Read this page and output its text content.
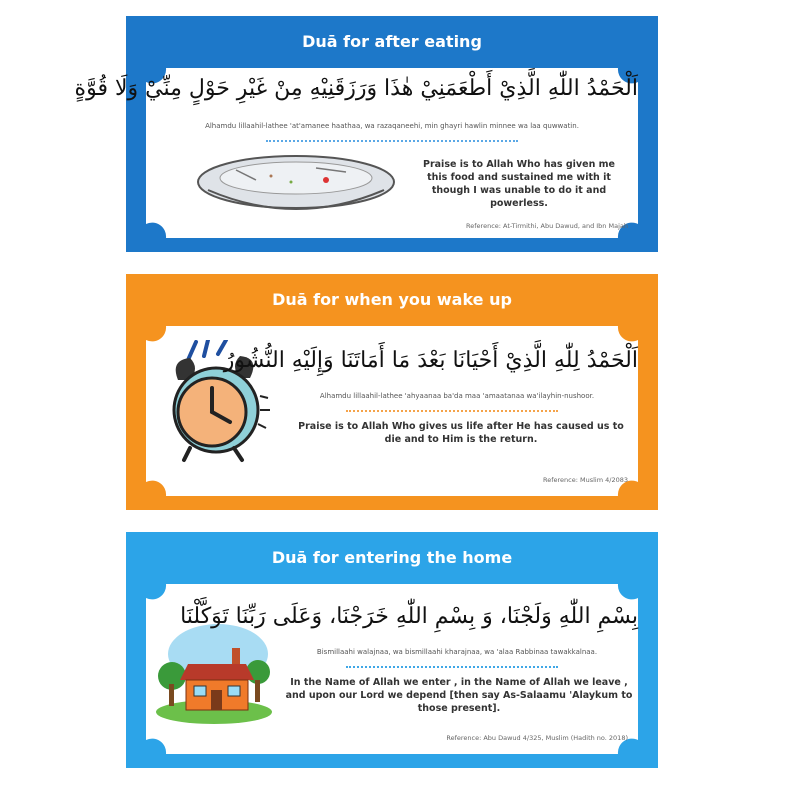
Duā for after eating
اَلْحَمْدُ اللّٰهِ الَّذِيْ أَطْعَمَنِيْ هٰذَا وَرَزَقَنِيْهِ مِنْ غَيْرِ حَوْلٍ مِنِّيْ وَلَا قُوَّةٍ
Alhamdu lillaahil-lathee 'at'amanee haathaa, wa razaqaneehi, min ghayri hawlin minnee wa laa quwwatin.
Praise is to Allah Who has given me this food and sustained me with it though I was unable to do it and powerless.
Reference: At-Tirmithi, Abu Dawud, and Ibn Majah
Duā for when you wake up
اَلْحَمْدُ لِلّٰهِ الَّذِيْ أَحْيَانَا بَعْدَ مَا أَمَاتَنَا وَإِلَيْهِ النُّشُورُ
Alhamdu lillaahil-lathee 'ahyaanaa ba'da maa 'amaatanaa wa'ilayhin-nushoor.
Praise is to Allah Who gives us life after He has caused us to die and to Him is the return.
Reference: Muslim 4/2083
Duā for entering the home
بِسْمِ اللّٰهِ وَلَجْنَا، وَ بِسْمِ اللّٰهِ خَرَجْنَا، وَعَلَى رَبِّنَا تَوَكَّلْنَا
Bismillaahi walajnaa, wa bismillaahi kharajnaa, wa 'alaa Rabbinaa tawakkalnaa.
In the Name of Allah we enter , in the Name of Allah we leave , and upon our Lord we depend [then say As-Salaamu 'Alaykum to those present].
Reference: Abu Dawud 4/325, Muslim (Hadith no. 2018)
